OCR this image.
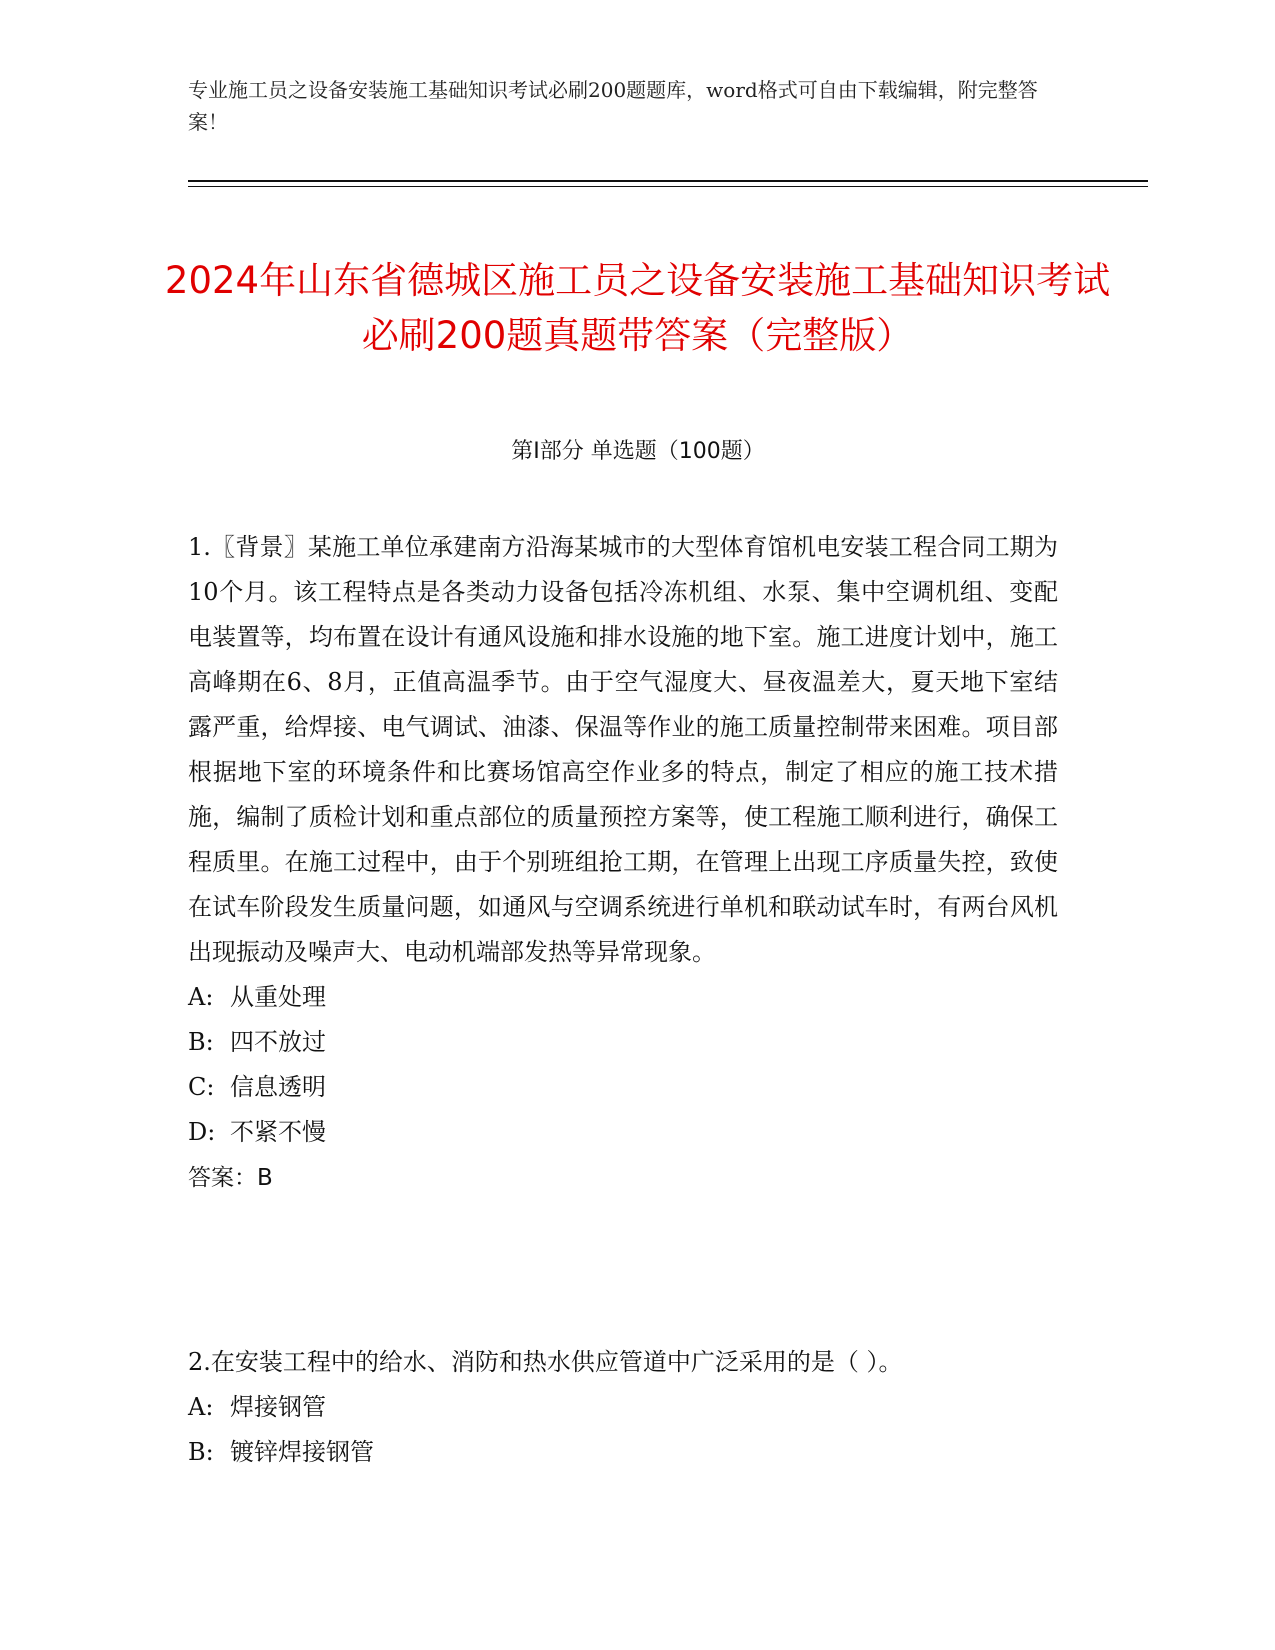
专业施工员之设备安装施工基础知识考试必刷200题题库，word格式可自由下载编辑，附完整答案！
2024年山东省德城区施工员之设备安装施工基础知识考试必刷200题真题带答案（完整版）
第I部分 单选题（100题）

1.〖背景〗某施工单位承建南方沿海某城市的大型体育馆机电安装工程合同工期为10个月。该工程特点是各类动力设备包括冷冻机组、水泵、集中空调机组、变配电装置等，均布置在设计有通风设施和排水设施的地下室。施工进度计划中，施工高峰期在6、8月，正值高温季节。由于空气湿度大、昼夜温差大，夏天地下室结露严重，给焊接、电气调试、油漆、保温等作业的施工质量控制带来困难。项目部根据地下室的环境条件和比赛场馆高空作业多的特点，制定了相应的施工技术措施，编制了质检计划和重点部位的质量预控方案等，使工程施工顺利进行，确保工程质里。在施工过程中，由于个别班组抢工期，在管理上出现工序质量失控，致使在试车阶段发生质量问题，如通风与空调系统进行单机和联动试车时，有两台风机出现振动及噪声大、电动机端部发热等异常现象。

A: 从重处理
B: 四不放过
C: 信息透明
D: 不紧不慢
答案：B

2.在安装工程中的给水、消防和热水供应管道中广泛采用的是（ ）。

A: 焊接钢管
B: 镀锌焊接钢管
